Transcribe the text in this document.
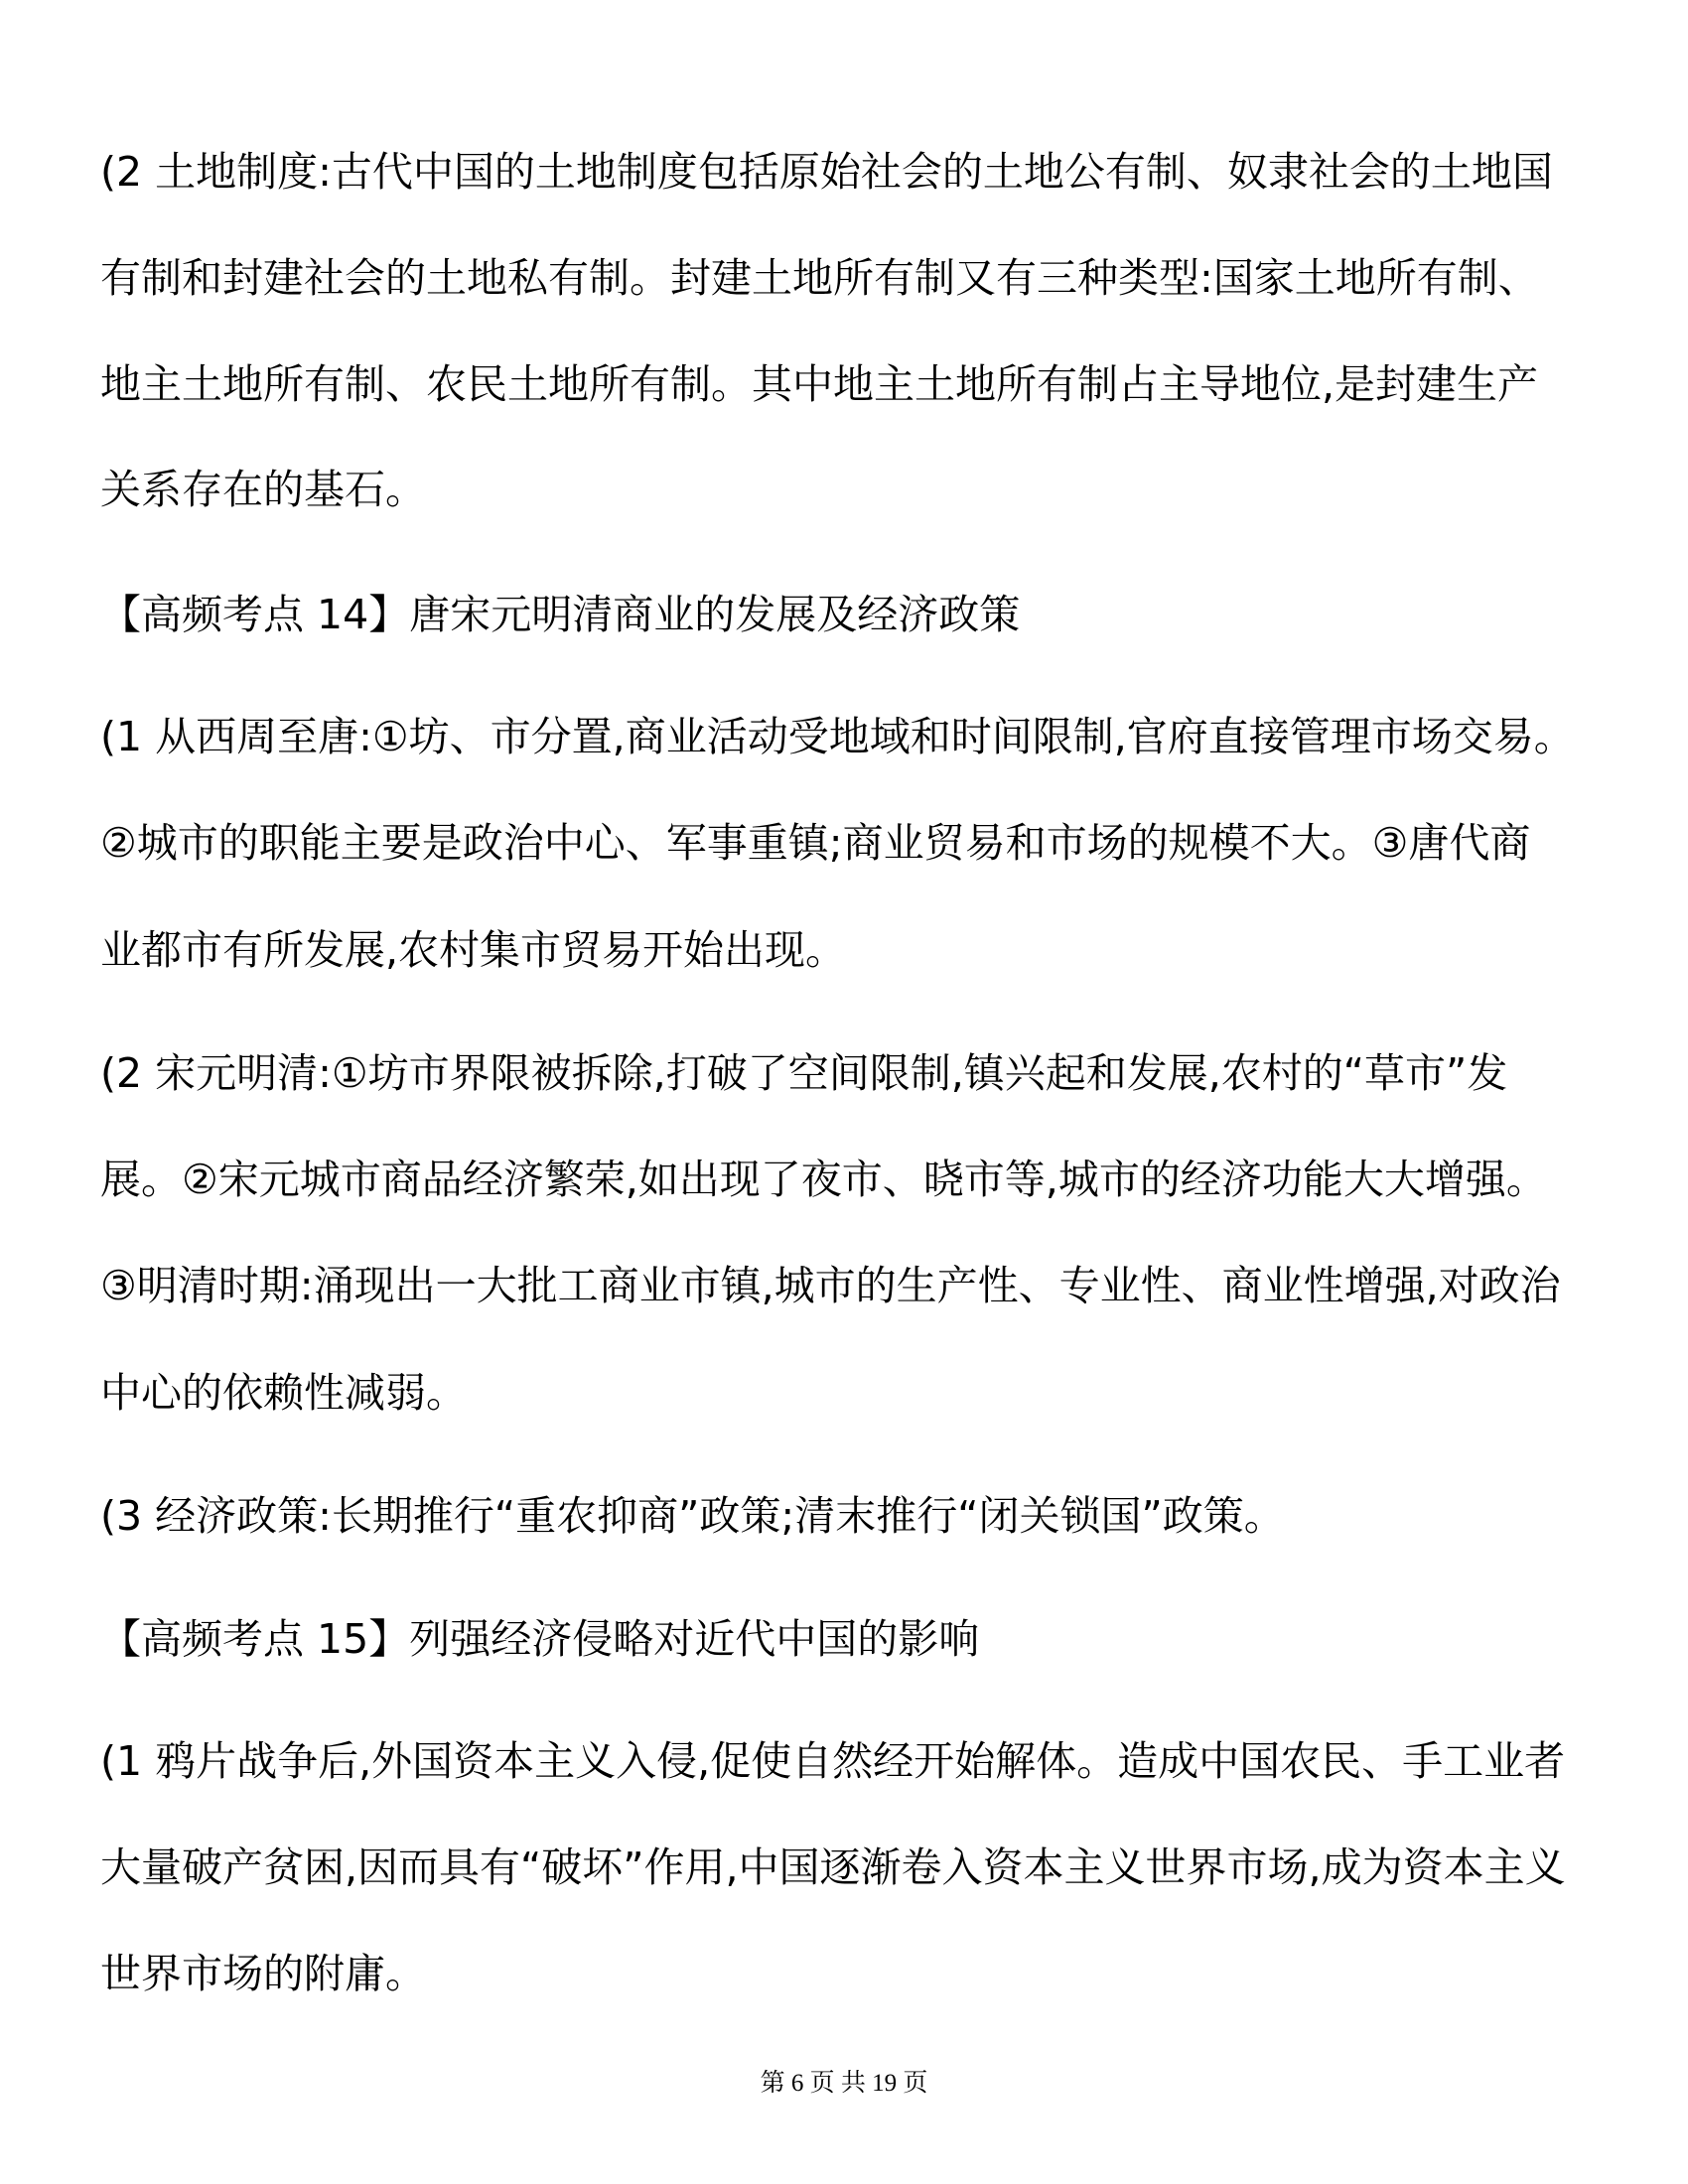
(2 土地制度:古代中国的土地制度包括原始社会的土地公有制、奴隶社会的土地国
有制和封建社会的土地私有制。封建土地所有制又有三种类型:国家土地所有制、
地主土地所有制、农民土地所有制。其中地主土地所有制占主导地位,是封建生产
关系存在的基石。
【高频考点 14】唐宋元明清商业的发展及经济政策
(1 从西周至唐:①坊、市分置,商业活动受地域和时间限制,官府直接管理市场交易。
②城市的职能主要是政治中心、军事重镇;商业贸易和市场的规模不大。③唐代商
业都市有所发展,农村集市贸易开始出现。
(2 宋元明清:①坊市界限被拆除,打破了空间限制,镇兴起和发展,农村的“草市”发
展。②宋元城市商品经济繁荣,如出现了夜市、晓市等,城市的经济功能大大增强。
③明清时期:涌现出一大批工商业市镇,城市的生产性、专业性、商业性增强,对政治
中心的依赖性减弱。
(3 经济政策:长期推行“重农抑商”政策;清末推行“闭关锁国”政策。
【高频考点 15】列强经济侵略对近代中国的影响
(1 鸦片战争后,外国资本主义入侵,促使自然经开始解体。造成中国农民、手工业者
大量破产贫困,因而具有“破坏”作用,中国逐渐卷入资本主义世界市场,成为资本主义
世界市场的附庸。
第 6 页 共 19 页
